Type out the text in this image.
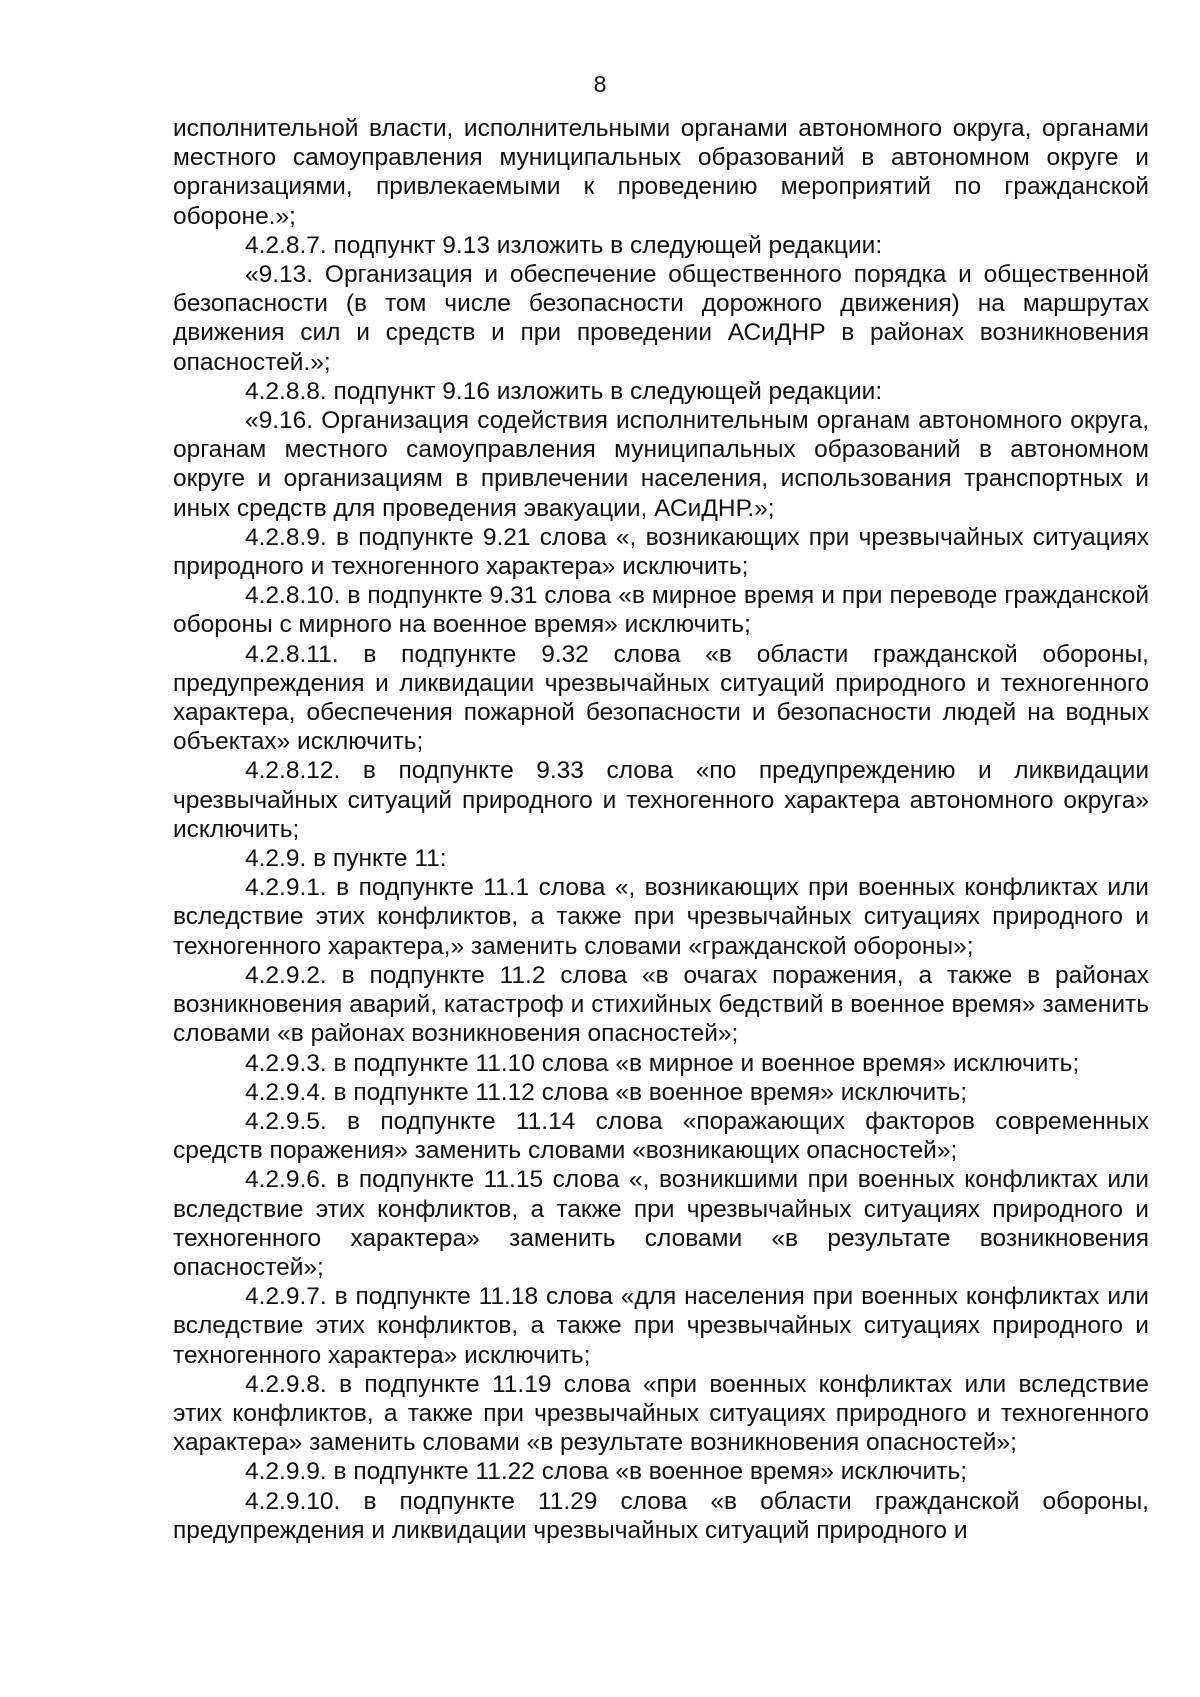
8

исполнительной власти, исполнительными органами автономного округа, органами местного самоуправления муниципальных образований в автономном округе и организациями, привлекаемыми к проведению мероприятий по гражданской обороне.»;

4.2.8.7. подпункт 9.13 изложить в следующей редакции:

«9.13. Организация и обеспечение общественного порядка и общественной безопасности (в том числе безопасности дорожного движения) на маршрутах движения сил и средств и при проведении АСиДНР в районах возникновения опасностей.»;

4.2.8.8. подпункт 9.16 изложить в следующей редакции:

«9.16. Организация содействия исполнительным органам автономного округа, органам местного самоуправления муниципальных образований в автономном округе и организациям в привлечении населения, использования транспортных и иных средств для проведения эвакуации, АСиДНР.»;

4.2.8.9. в подпункте 9.21 слова «, возникающих при чрезвычайных ситуациях природного и техногенного характера» исключить;

4.2.8.10. в подпункте 9.31 слова «в мирное время и при переводе гражданской обороны с мирного на военное время» исключить;

4.2.8.11. в подпункте 9.32 слова «в области гражданской обороны, предупреждения и ликвидации чрезвычайных ситуаций природного и техногенного характера, обеспечения пожарной безопасности и безопасности людей на водных объектах» исключить;

4.2.8.12. в подпункте 9.33 слова «по предупреждению и ликвидации чрезвычайных ситуаций природного и техногенного характера автономного округа» исключить;

4.2.9. в пункте 11:

4.2.9.1. в подпункте 11.1 слова «, возникающих при военных конфликтах или вследствие этих конфликтов, а также при чрезвычайных ситуациях природного и техногенного характера,» заменить словами «гражданской обороны»;

4.2.9.2. в подпункте 11.2 слова «в очагах поражения, а также в районах возникновения аварий, катастроф и стихийных бедствий в военное время» заменить словами «в районах возникновения опасностей»;

4.2.9.3. в подпункте 11.10 слова «в мирное и военное время» исключить;

4.2.9.4. в подпункте 11.12 слова «в военное время» исключить;

4.2.9.5. в подпункте 11.14 слова «поражающих факторов современных средств поражения» заменить словами «возникающих опасностей»;

4.2.9.6. в подпункте 11.15 слова «, возникшими при военных конфликтах или вследствие этих конфликтов, а также при чрезвычайных ситуациях природного и техногенного характера» заменить словами «в результате возникновения опасностей»;

4.2.9.7. в подпункте 11.18 слова «для населения при военных конфликтах или вследствие этих конфликтов, а также при чрезвычайных ситуациях природного и техногенного характера» исключить;

4.2.9.8. в подпункте 11.19 слова «при военных конфликтах или вследствие этих конфликтов, а также при чрезвычайных ситуациях природного и техногенного характера» заменить словами «в результате возникновения опасностей»;

4.2.9.9. в подпункте 11.22 слова «в военное время» исключить;

4.2.9.10. в подпункте 11.29 слова «в области гражданской обороны, предупреждения и ликвидации чрезвычайных ситуаций природного и
